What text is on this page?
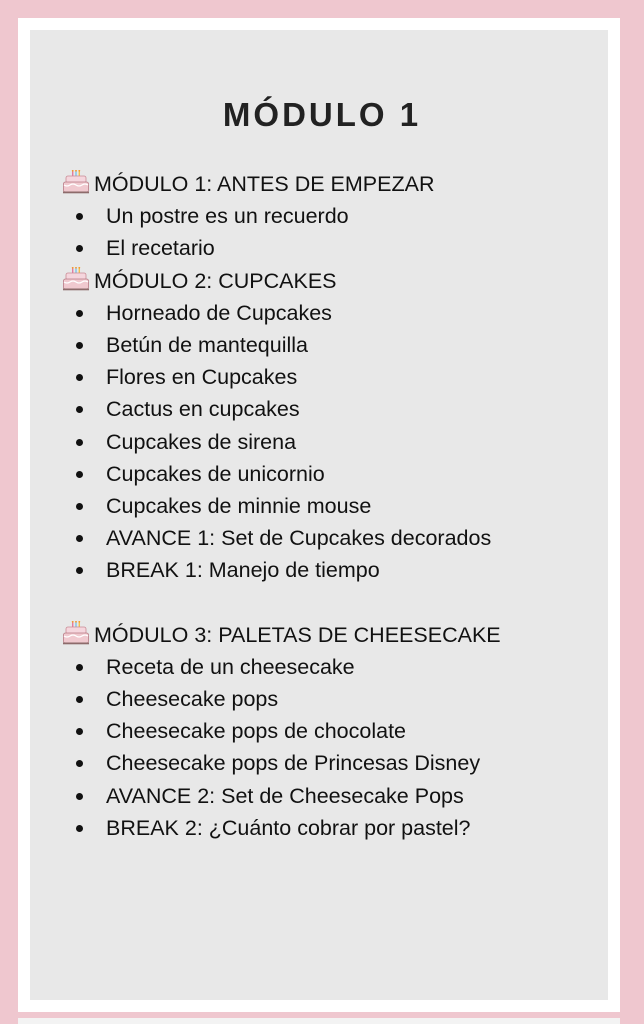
MÓDULO 1
MÓDULO 1: ANTES DE EMPEZAR
Un postre es un recuerdo
El recetario
MÓDULO 2: CUPCAKES
Horneado de Cupcakes
Betún de mantequilla
Flores en Cupcakes
Cactus en cupcakes
Cupcakes de sirena
Cupcakes de unicornio
Cupcakes de minnie mouse
AVANCE 1: Set de Cupcakes decorados
BREAK 1: Manejo de tiempo
MÓDULO 3: PALETAS DE CHEESECAKE
Receta de un cheesecake
Cheesecake pops
Cheesecake pops de chocolate
Cheesecake pops de Princesas Disney
AVANCE 2: Set de Cheesecake Pops
BREAK 2: ¿Cuánto cobrar por pastel?
